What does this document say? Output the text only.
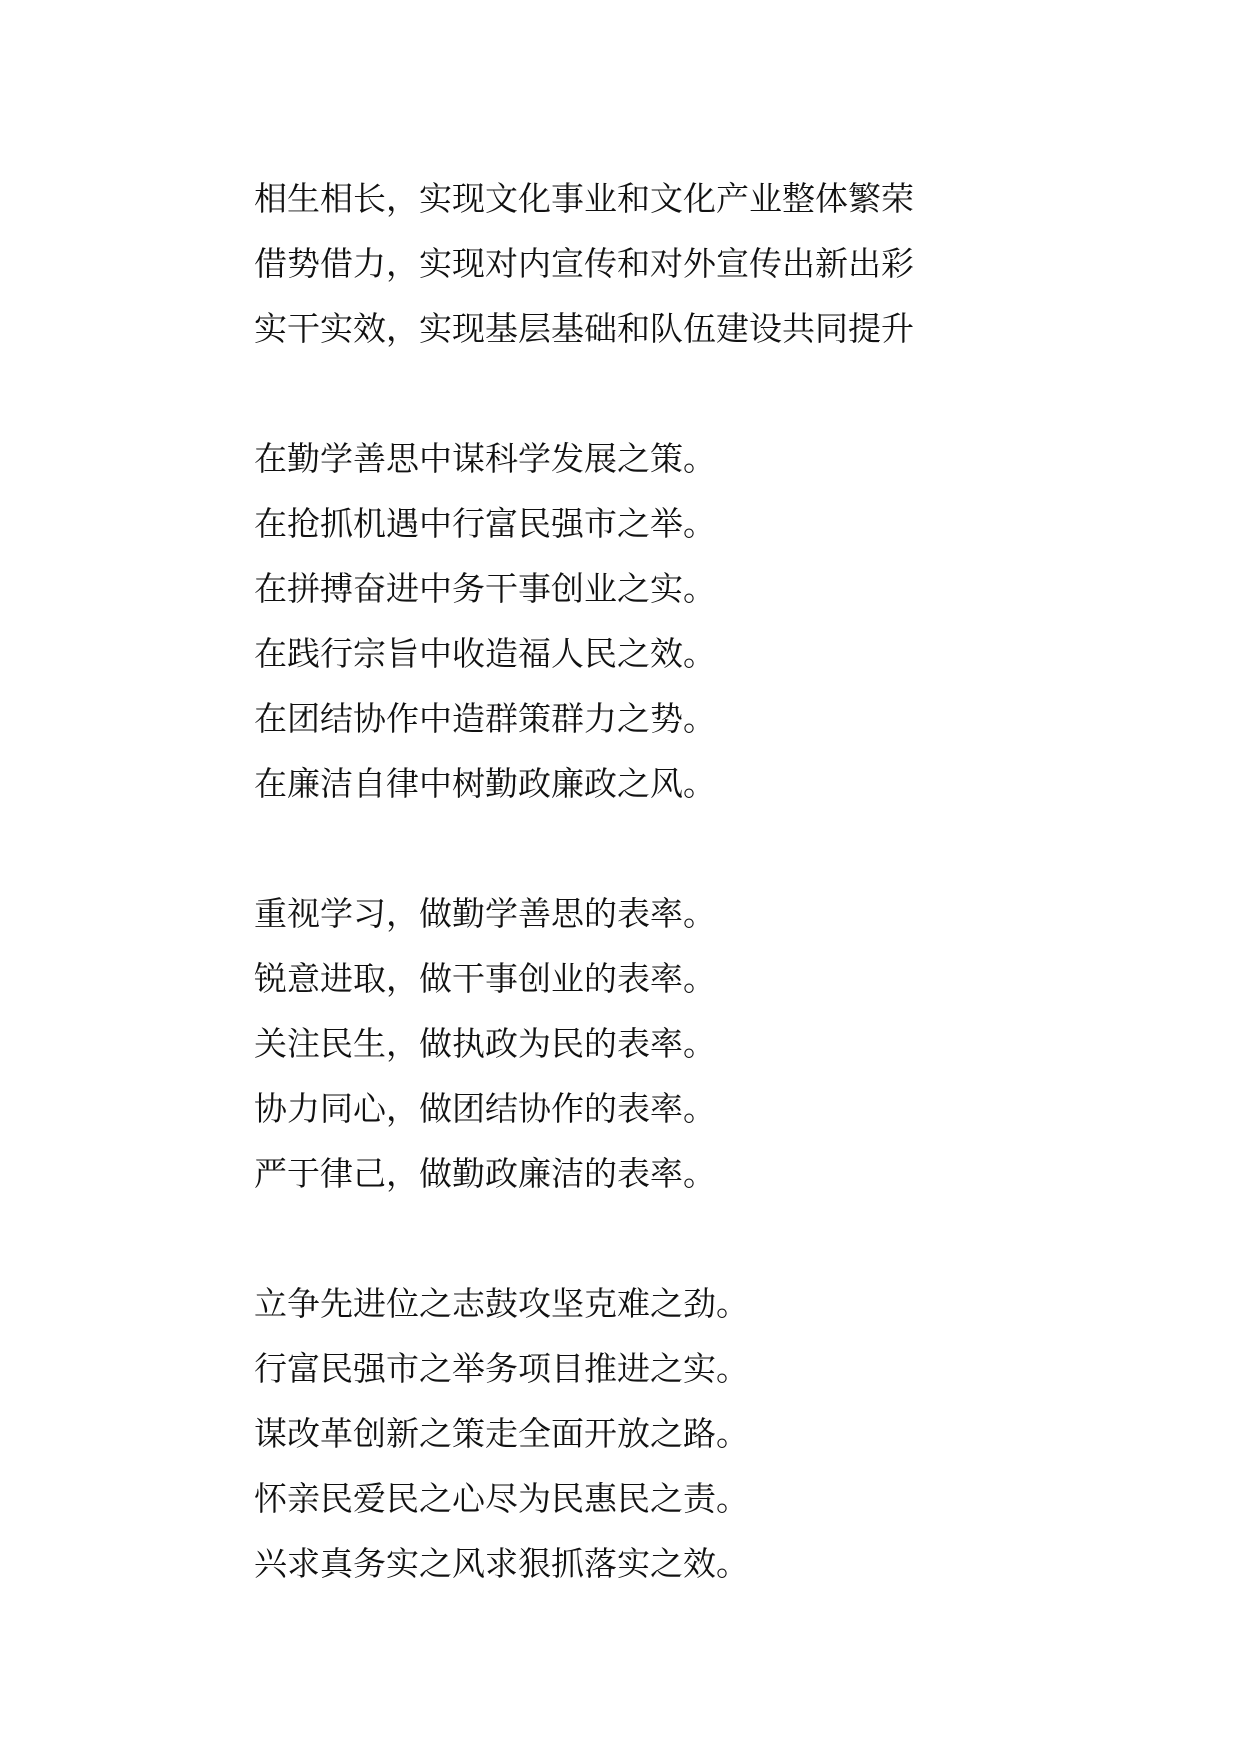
相生相长，实现文化事业和文化产业整体繁荣
借势借力，实现对内宣传和对外宣传出新出彩
实干实效，实现基层基础和队伍建设共同提升
在勤学善思中谋科学发展之策。
在抢抓机遇中行富民强市之举。
在拼搏奋进中务干事创业之实。
在践行宗旨中收造福人民之效。
在团结协作中造群策群力之势。
在廉洁自律中树勤政廉政之风。
重视学习，做勤学善思的表率。
锐意进取，做干事创业的表率。
关注民生，做执政为民的表率。
协力同心，做团结协作的表率。
严于律己，做勤政廉洁的表率。
立争先进位之志鼓攻坚克难之劲。
行富民强市之举务项目推进之实。
谋改革创新之策走全面开放之路。
怀亲民爱民之心尽为民惠民之责。
兴求真务实之风求狠抓落实之效。
